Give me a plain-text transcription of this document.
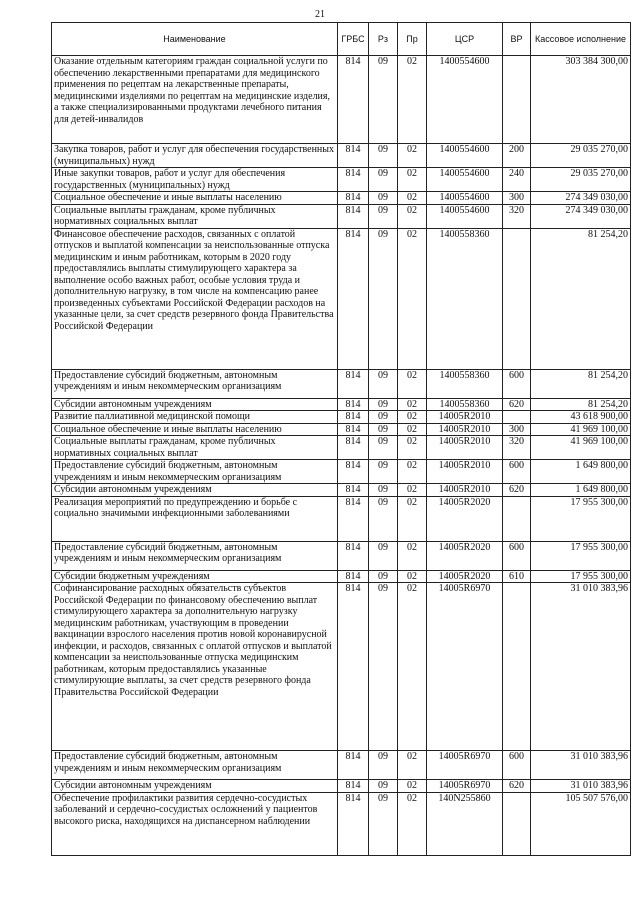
21
Наименование	ГРБС	Рз	Пр	ЦСР	ВР	Кассовое исполнение
Оказание отдельным категориям граждан социальной услуги по обеспечению лекарственными препаратами для медицинского применения по рецептам на лекарственные препараты, медицинскими изделиями по рецептам на медицинские изделия, а также специализированными продуктами лечебного питания для детей-инвалидов	814	09	02	1400554600		303 384 300,00
Закупка товаров, работ и услуг для обеспечения государственных (муниципальных) нужд	814	09	02	1400554600	200	29 035 270,00
Иные закупки товаров, работ и услуг для обеспечения государственных (муниципальных) нужд	814	09	02	1400554600	240	29 035 270,00
Социальное обеспечение и иные выплаты населению	814	09	02	1400554600	300	274 349 030,00
Социальные выплаты гражданам, кроме публичных нормативных социальных выплат	814	09	02	1400554600	320	274 349 030,00
Финансовое обеспечение расходов, связанных с оплатой отпусков и выплатой компенсации за неиспользованные отпуска медицинским и иным работникам, которым в 2020 году предоставлялись выплаты стимулирующего характера за выполнение особо важных работ, особые условия труда и дополнительную нагрузку, в том числе на компенсацию ранее произведенных субъектами Российской Федерации расходов на указанные цели, за счет средств резервного фонда Правительства Российской Федерации	814	09	02	1400558360		81 254,20
Предоставление субсидий бюджетным, автономным учреждениям и иным некоммерческим организациям	814	09	02	1400558360	600	81 254,20
Субсидии автономным учреждениям	814	09	02	1400558360	620	81 254,20
Развитие паллиативной медицинской помощи	814	09	02	14005R2010		43 618 900,00
Социальное обеспечение и иные выплаты населению	814	09	02	14005R2010	300	41 969 100,00
Социальные выплаты гражданам, кроме публичных нормативных социальных выплат	814	09	02	14005R2010	320	41 969 100,00
Предоставление субсидий бюджетным, автономным учреждениям и иным некоммерческим организациям	814	09	02	14005R2010	600	1 649 800,00
Субсидии автономным учреждениям	814	09	02	14005R2010	620	1 649 800,00
Реализация мероприятий по предупреждению и борьбе с социально значимыми инфекционными заболеваниями	814	09	02	14005R2020		17 955 300,00
Предоставление субсидий бюджетным, автономным учреждениям и иным некоммерческим организациям	814	09	02	14005R2020	600	17 955 300,00
Субсидии бюджетным учреждениям	814	09	02	14005R2020	610	17 955 300,00
Софинансирование расходных обязательств субъектов Российской Федерации по финансовому обеспечению выплат стимулирующего характера за дополнительную нагрузку медицинским работникам, участвующим в проведении вакцинации взрослого населения против новой коронавирусной инфекции, и расходов, связанных с оплатой отпусков и выплатой компенсации за неиспользованные отпуска медицинским работникам, которым предоставлялись указанные стимулирующие выплаты, за счет средств резервного фонда Правительства Российской Федерации	814	09	02	14005R6970		31 010 383,96
Предоставление субсидий бюджетным, автономным учреждениям и иным некоммерческим организациям	814	09	02	14005R6970	600	31 010 383,96
Субсидии автономным учреждениям	814	09	02	14005R6970	620	31 010 383,96
Обеспечение профилактики развития сердечно-сосудистых заболеваний и сердечно-сосудистых осложнений у пациентов высокого риска, находящихся на диспансерном наблюдении	814	09	02	140N255860		105 507 576,00
